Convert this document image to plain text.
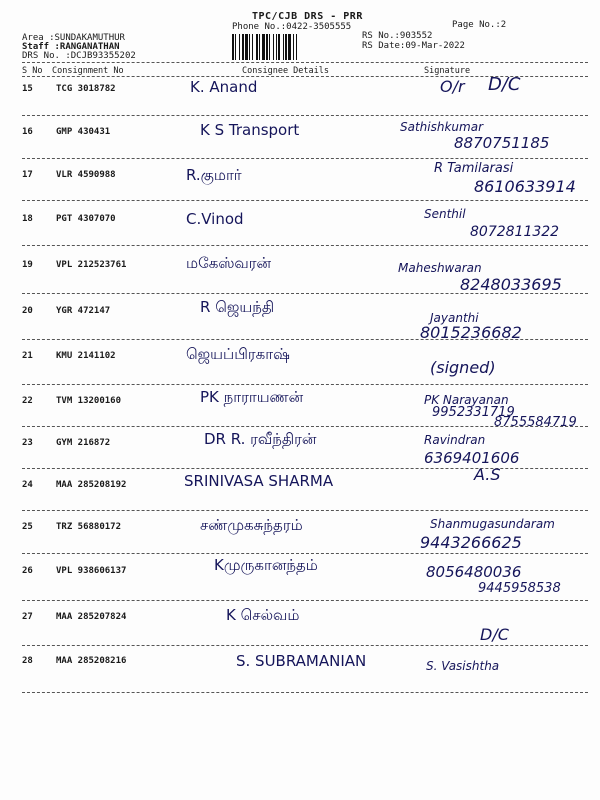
TPC/CJB DRS - PRR
Phone No.:0422-3505555	Page No.:2
Area :SUNDAKAMUTHUR
Staff :RANGANATHAN
DRS No. :DCJB93355202
RS No.:903552
RS Date:09-Mar-2022
S No Consignment No	Consignee Details	Signature
15	TCG 3018782	K. Anand	O/r D/C
16	GMP 430431	K S Transport	Sathishkumar
8870751185
17	VLR 4590988	R.குமார்	R Tamilarasi
8610633914
18	PGT 4307070	C.Vinod	Senthil
8072811322
19	VPL 212523761	மகேஸ்வரன்	Maheshwaran
8248033695
20	YGR 472147	R ஜெயந்தி
Jayanthi
8015236682
21	KMU 2141102	ஜெயப்பிரகாஷ்
(signed)
22	TVM 13200160	PK நாராயணன்	PK Narayanan
9952331719
8755584719
23	GYM 216872	DR R. ரவீந்திரன்	Ravindran
6369401606
24	MAA 285208192	SRINIVASA SHARMA	A.S
25	TRZ 56880172	சண்முகசுந்தரம்	Shanmugasundaram
9443266625
26	VPL 938606137	Kமுருகானந்தம்	8056480036
9445958538
27	MAA 285207824	K செல்வம்
D/C
28	MAA 285208216	S. SUBRAMANIAN	S. Vasishtha
